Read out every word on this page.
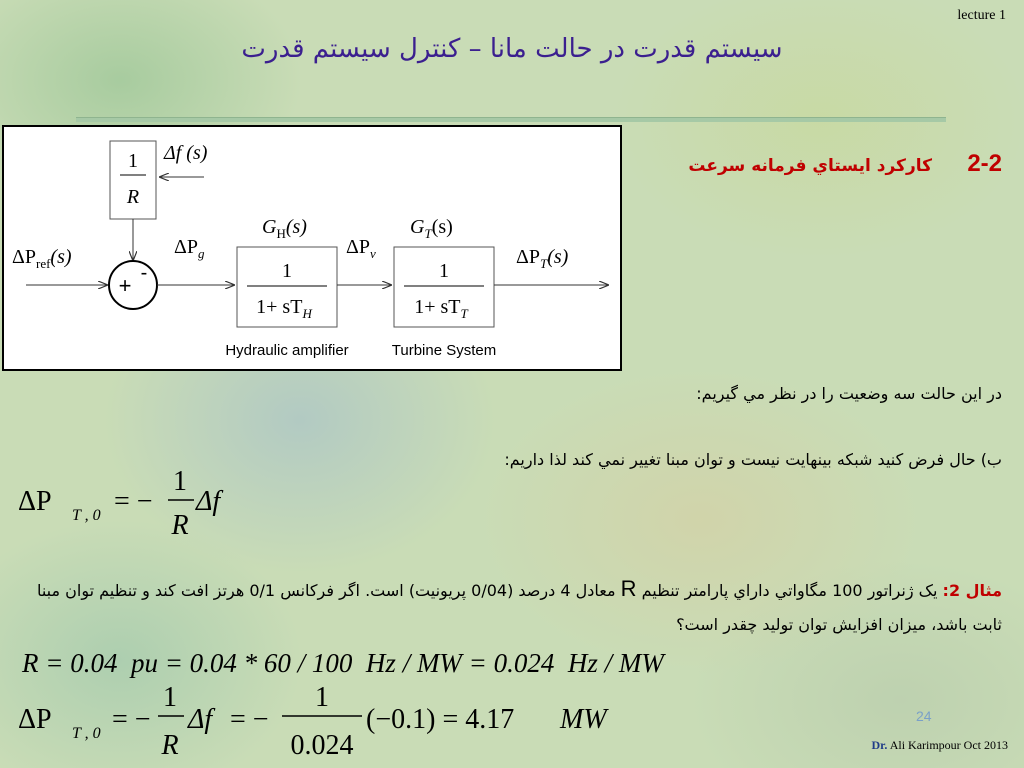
lecture 1
سیستم قدرت در حالت مانا – کنترل سیستم قدرت
1
R
Δf (s)
+ -
$\Delta P_{ref}(s)$	$\Delta P_g$
$G_H(s)$
1
$1+ sT_H$
Hydraulic amplifier
$\Delta P_v$
$G_T(s)$
1
$1+ sT_T$
Turbine System
$\Delta P_T(s)$
2-2
كاركرد ايستاي فرمانه سرعت
در اين حالت سه وضعيت را در نظر مي گيريم:
ب) حال فرض کنید شبکه بینهایت نیست و توان مبنا تغییر نمي کند لذا داریم:
ΔP T , 0 = −
1
R
Δf
مثال 2: یک ژنراتور 100 مگاواتي داراي پارامتر تنظیم R معادل 4 درصد (0/04 پريونيت) است. اگر فرکانس 0/1 هرتز افت کند و تنظیم توان مبنا ثابت باشد، میزان افزايش توان توليد چقدر است؟
R = 0.04  pu = 0.04 * 60 / 100  Hz / MW = 0.024  Hz / MW
ΔP T , 0 = −
1
R
Δf = −
1
0.024
(−0.1) = 4.17 MW	24
Dr. Ali Karimpour Oct 2013
